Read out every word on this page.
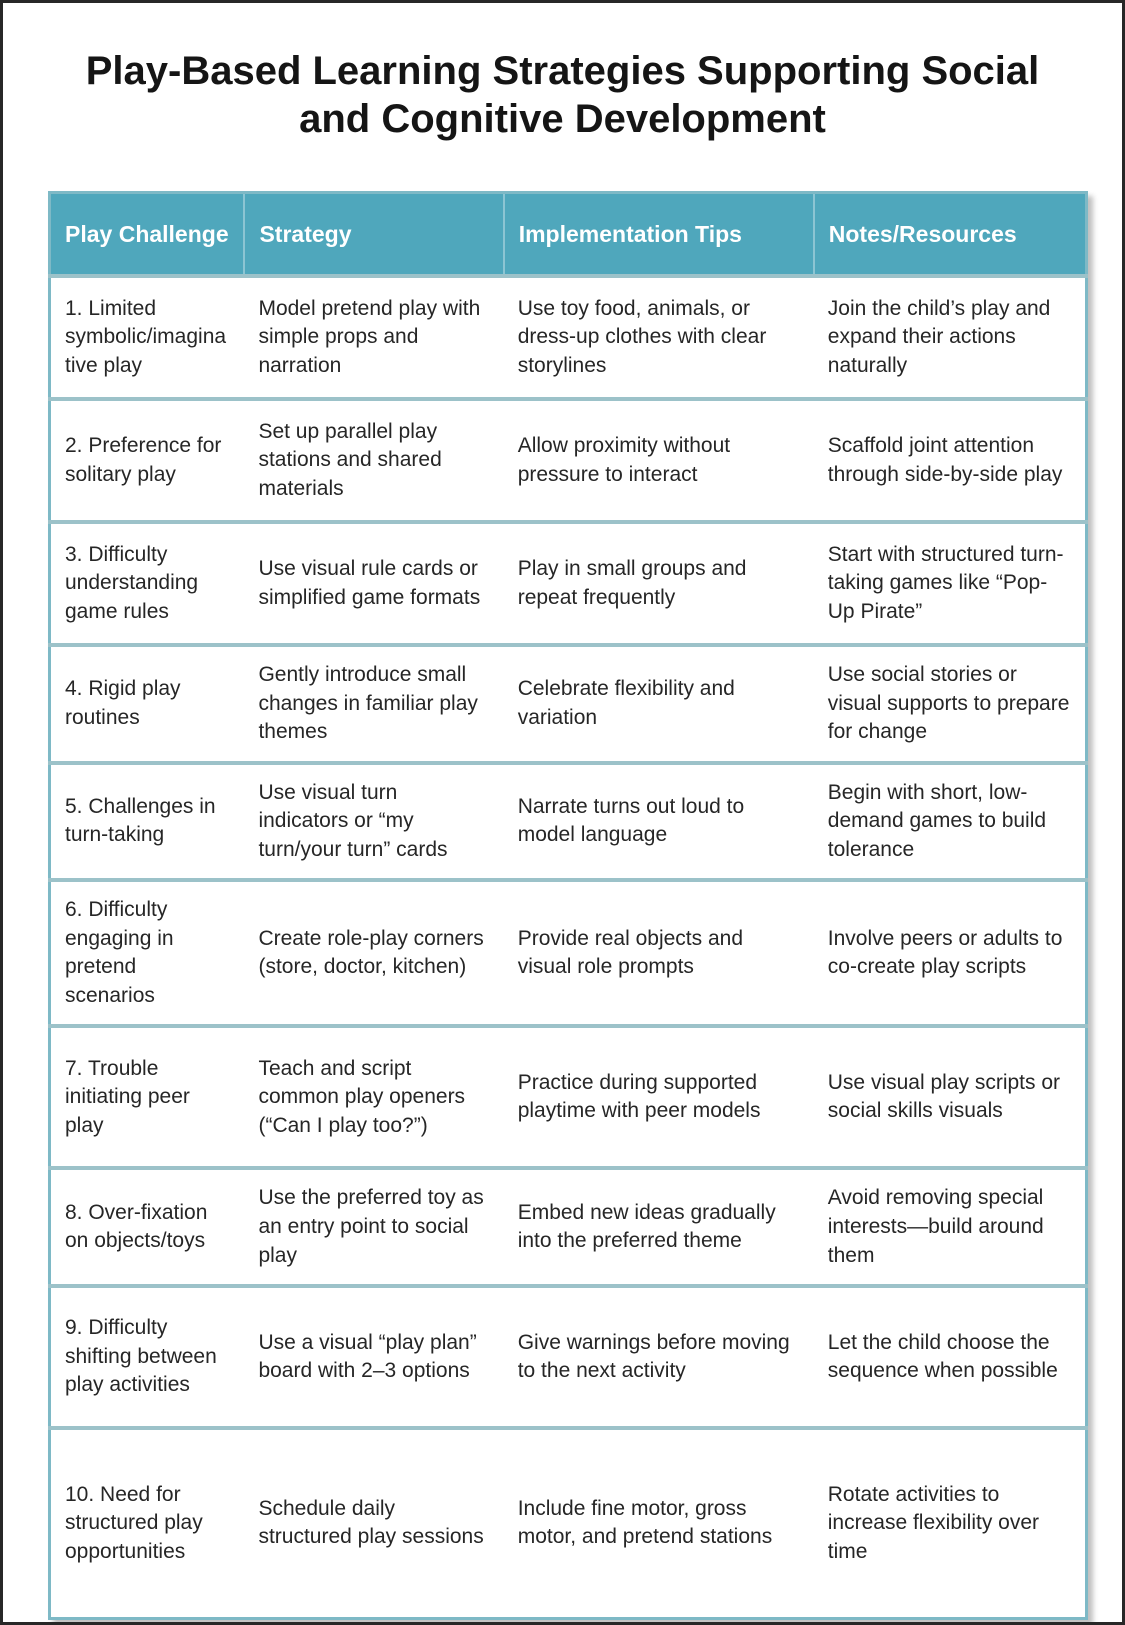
Play-Based Learning Strategies Supporting Social and Cognitive Development
Play Challenge	Strategy	Implementation Tips	Notes/Resources
1. Limited symbolic/imaginative play	Model pretend play with simple props and narration	Use toy food, animals, or dress-up clothes with clear storylines	Join the child’s play and expand their actions naturally
2. Preference for solitary play	Set up parallel play stations and shared materials	Allow proximity without pressure to interact	Scaffold joint attention through side-by-side play
3. Difficulty understanding game rules	Use visual rule cards or simplified game formats	Play in small groups and repeat frequently	Start with structured turn-taking games like “Pop-Up Pirate”
4. Rigid play routines	Gently introduce small changes in familiar play themes	Celebrate flexibility and variation	Use social stories or visual supports to prepare for change
5. Challenges in turn-taking	Use visual turn indicators or “my turn/your turn” cards	Narrate turns out loud to model language	Begin with short, low-demand games to build tolerance
6. Difficulty engaging in pretend scenarios	Create role-play corners (store, doctor, kitchen)	Provide real objects and visual role prompts	Involve peers or adults to co-create play scripts
7. Trouble initiating peer play	Teach and script common play openers (“Can I play too?”)	Practice during supported playtime with peer models	Use visual play scripts or social skills visuals
8. Over-fixation on objects/toys	Use the preferred toy as an entry point to social play	Embed new ideas gradually into the preferred theme	Avoid removing special interests—build around them
9. Difficulty shifting between play activities	Use a visual “play plan” board with 2–3 options	Give warnings before moving to the next activity	Let the child choose the sequence when possible
10. Need for structured play opportunities	Schedule daily structured play sessions	Include fine motor, gross motor, and pretend stations	Rotate activities to increase flexibility over time
